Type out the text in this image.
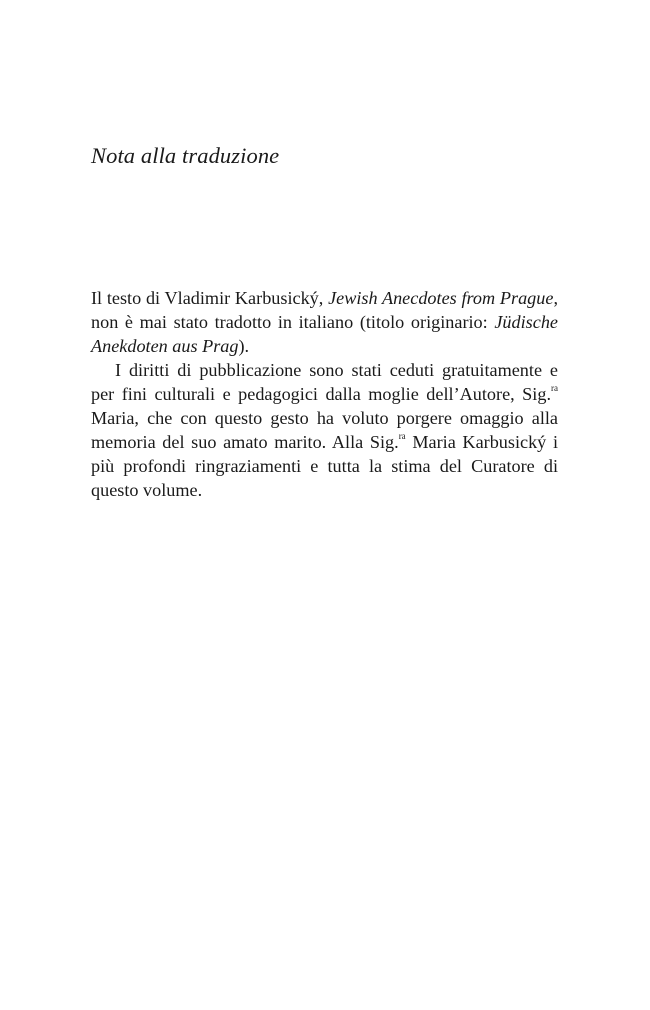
Nota alla traduzione

Il testo di Vladimir Karbusický, Jewish Anecdotes from Prague,
non è mai stato tradotto in italiano (titolo originario: Jüdische
Anekdoten aus Prag).

I diritti di pubblicazione sono stati ceduti gratuitamente e
per fini culturali e pedagogici dalla moglie dell’Autore, Sig.$^{ra}$
Maria, che con questo gesto ha voluto porgere omaggio alla
memoria del suo amato marito. Alla Sig.$^{ra}$ Maria Karbusický i
più profondi ringraziamenti e tutta la stima del Curatore di
questo volume.
